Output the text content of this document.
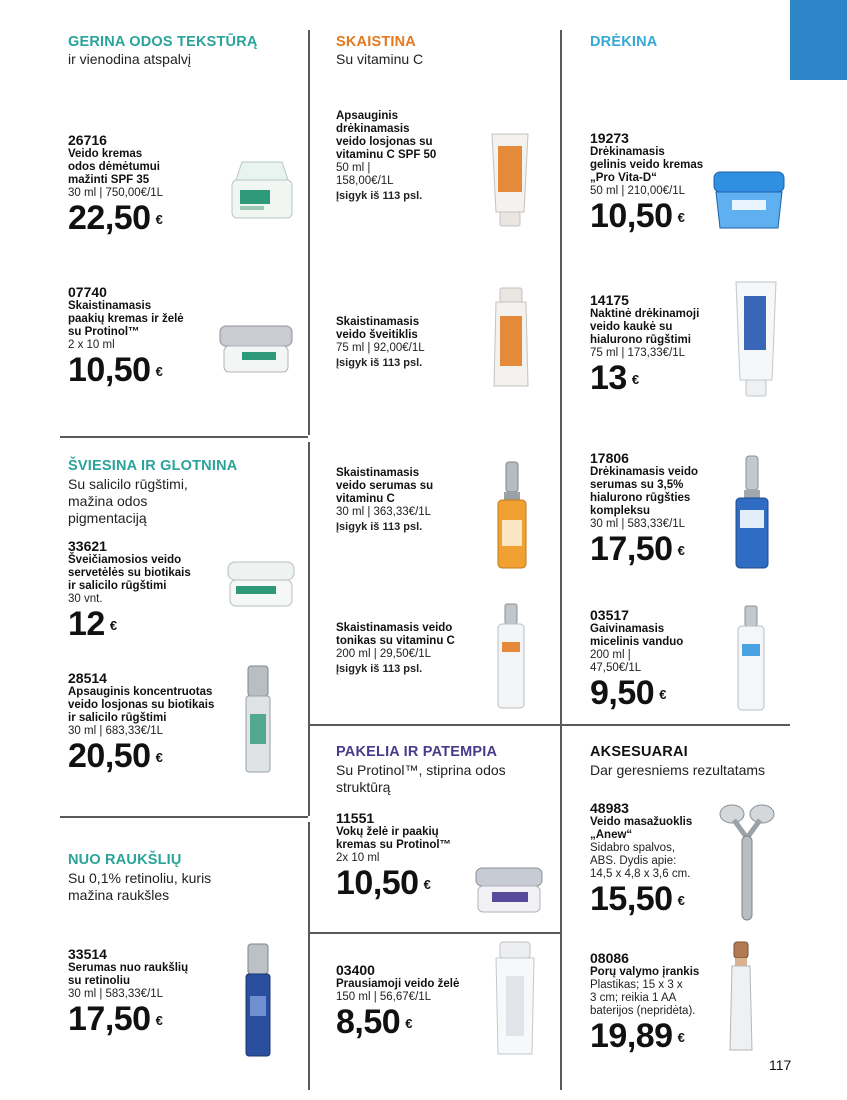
GERINA ODOS TEKSTŪRĄ
ir vienodina atspalvį
26716
Veido kremas
odos dėmėtumui
mažinti SPF 35
30 ml | 750,00€/1L
22,50 €
07740
Skaistinamasis
paakių kremas ir želė
su Protinol™
2 x 10 ml
10,50 €
ŠVIESINA IR GLOTNINA
Su salicilo rūgštimi,
mažina odos
pigmentaciją
33621
Šveičiamosios veido
servetėlės su biotikais
ir salicilo rūgštimi
30 vnt.
12 €
28514
Apsauginis koncentruotas
veido losjonas su biotikais
ir salicilo rūgštimi
30 ml | 683,33€/1L
20,50 €
NUO RAUKŠLIŲ
Su 0,1% retinoliu, kuris
mažina raukšles
33514
Serumas nuo raukšlių
su retinoliu
30 ml | 583,33€/1L
17,50 €
SKAISTINA
Su vitaminu C
Apsauginis
drėkinamasis
veido losjonas su
vitaminu C SPF 50
50 ml |
158,00€/1L
Įsigyk iš 113 psl.
Skaistinamasis
veido šveitiklis
75 ml | 92,00€/1L
Įsigyk iš 113 psl.
Skaistinamasis
veido serumas su
vitaminu C
30 ml | 363,33€/1L
Įsigyk iš 113 psl.
Skaistinamasis veido
tonikas su vitaminu C
200 ml | 29,50€/1L
Įsigyk iš 113 psl.
PAKELIA IR PATEMPIA
Su Protinol™, stiprina odos
struktūrą
11551
Vokų želė ir paakių
kremas su Protinol™
2x 10 ml
10,50 €
03400
Prausiamoji veido želė
150 ml | 56,67€/1L
8,50 €
DRĖKINA
19273
Drėkinamasis
gelinis veido kremas
„Pro Vita-D“
50 ml | 210,00€/1L
10,50 €
14175
Naktinė drėkinamoji
veido kaukė su
hialurono rūgštimi
75 ml | 173,33€/1L
13 €
17806
Drėkinamasis veido
serumas su 3,5%
hialurono rūgšties
kompleksu
30 ml | 583,33€/1L
17,50 €
03517
Gaivinamasis
micelinis vanduo
200 ml |
47,50€/1L
9,50 €
AKSESUARAI
Dar geresniems rezultatams
48983
Veido masažuoklis
„Anew“
Sidabro spalvos,
ABS. Dydis apie:
14,5 x 4,8 x 3,6 cm.
15,50 €
08086
Porų valymo įrankis
Plastikas; 15 x 3 x
3 cm; reikia 1 AA
baterijos (nepridėta).
19,89 €
117
